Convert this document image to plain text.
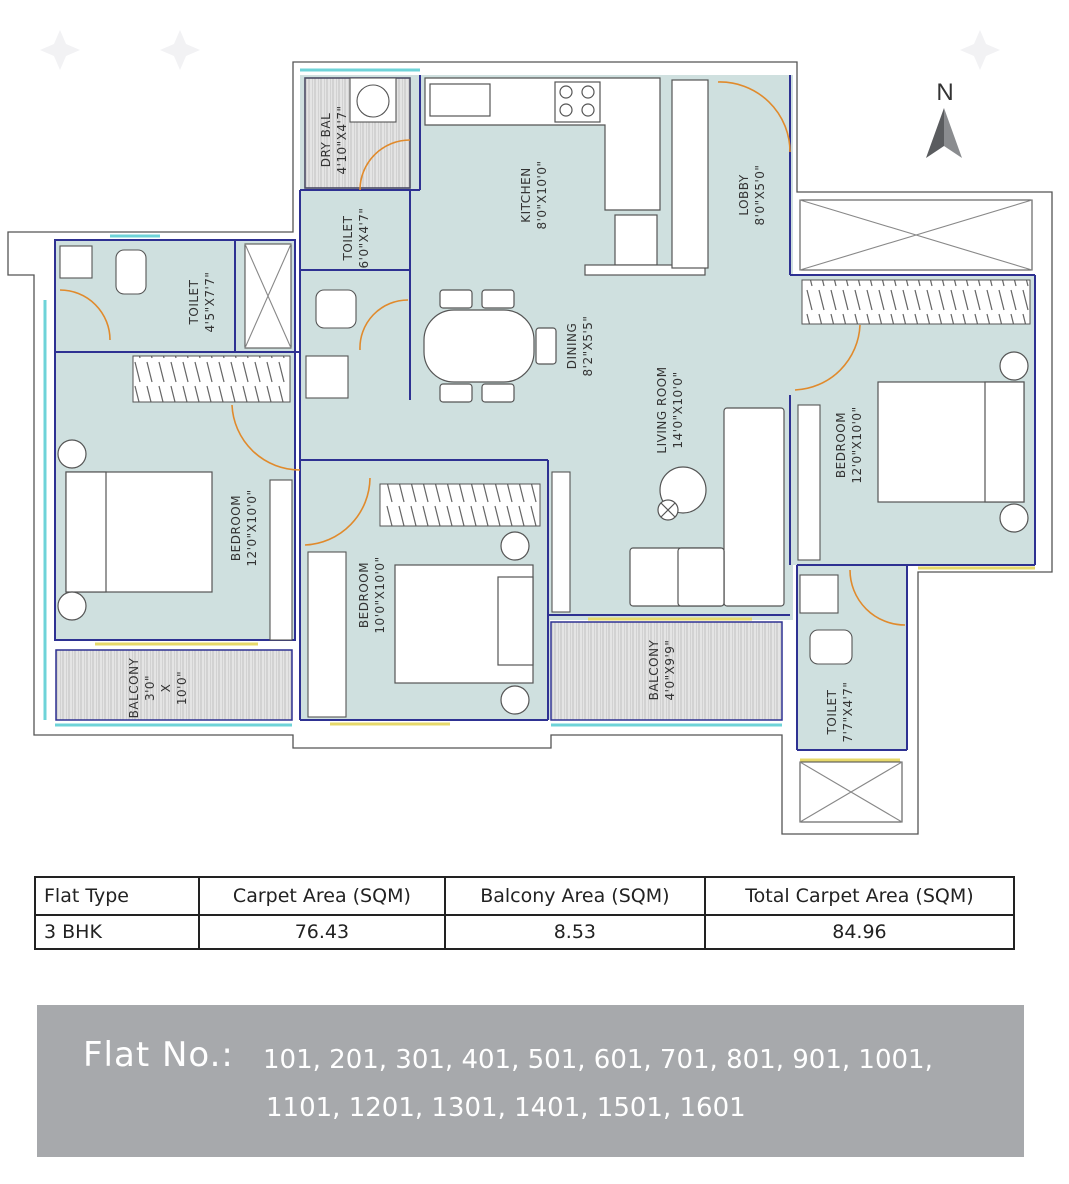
N
DRY BAL 4'10"X4'7"
TOILET 6'0"X4'7"
KITCHEN 8'0"X10'0"	LOBBY 8'0"X5'0"
TOILET 4'5"X7'7"
DINING 8'2"X5'5"
LIVING ROOM 14'0"X10'0"	BEDROOM 12'0"X10'0"
BEDROOM 12'0"X10'0"
BEDROOM 10'0"X10'0"
BALCONY 3'0" X 10'0"	BALCONY 4'0"X9'9"
TOILET 7'7"X4'7"
Flat Type	Carpet Area (SQM)	Balcony Area (SQM)	Total Carpet Area (SQM)
3 BHK	76.43	8.53	84.96
Flat No.: 101, 201, 301, 401, 501, 601, 701, 801, 901, 1001,
1101, 1201, 1301, 1401, 1501, 1601
